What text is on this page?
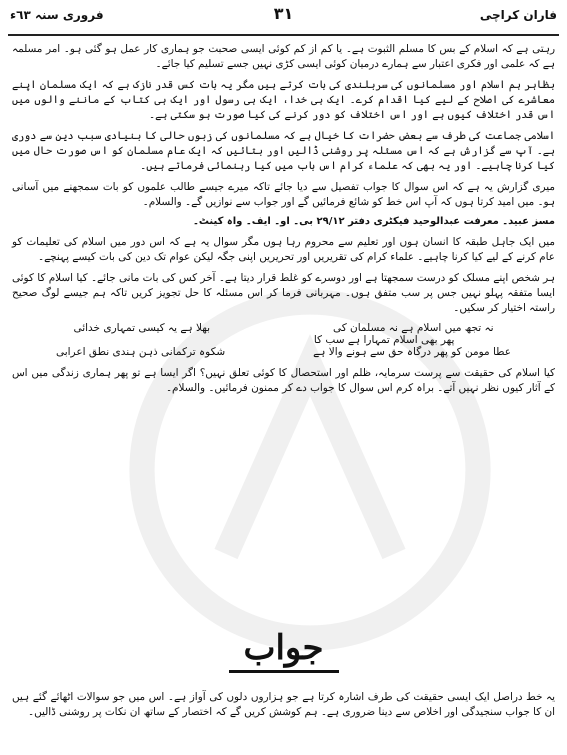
فروری سنہ ٦٣ء	۳۱	فاران کراچی

رہتی ہے کہ اسلام کے بس کا مسلم الثبوت ہے۔ یا کم از کم کوئی ایسی صحبت جو ہماری کار عمل ہو گئی ہو۔ امر مسلمہ ہے کہ علمی اور فکری اعتبار سے ہمارے درمیان کوئی ایسی کڑی نہیں جسے تسلیم کیا جائے۔

بظاہر ہم اسلام اور مسلمانوں کی سربلندی کی بات کرتے ہیں مگر یہ بات کس قدر نازک ہے کہ ایک مسلمان اپنے معاشرے کی اصلاح کے لیے کیا اقدام کرے۔ ایک ہی خدا، ایک ہی رسول اور ایک ہی کتاب کے ماننے والوں میں اس قدر اختلاف کیوں ہے اور اس اختلاف کو دور کرنے کی کیا صورت ہو سکتی ہے۔

اسلامی جماعت کی طرف سے بعض حضرات کا خیال ہے کہ مسلمانوں کی زبوں حالی کا بنیادی سبب دین سے دوری ہے۔ آپ سے گزارش ہے کہ اس مسئلہ پر روشنی ڈالیں اور بتائیں کہ ایک عام مسلمان کو اس صورت حال میں کیا کرنا چاہیے۔ اور یہ بھی کہ علماء کرام اس باب میں کیا رہنمائی فرماتے ہیں۔

میری گزارش یہ ہے کہ اس سوال کا جواب تفصیل سے دیا جائے تاکہ میرے جیسے طالب علموں کو بات سمجھنے میں آسانی ہو۔ میں امید کرتا ہوں کہ آپ اس خط کو شائع فرمائیں گے اور جواب سے نوازیں گے۔ والسلام۔

مسز عبید۔ معرفت عبدالوحید فیکٹری دفتر ۲۹/۱۲ بی۔ او۔ ایف۔ واہ کینٹ۔

میں ایک جاہل طبقہ کا انسان ہوں اور تعلیم سے محروم رہا ہوں مگر سوال یہ ہے کہ اس دور میں اسلام کی تعلیمات کو عام کرنے کے لیے کیا کرنا چاہیے۔ علماء کرام کی تقریریں اور تحریریں اپنی جگہ لیکن عوام تک دین کی بات کیسے پہنچے۔

ہر شخص اپنے مسلک کو درست سمجھتا ہے اور دوسرے کو غلط قرار دیتا ہے۔ آخر کس کی بات مانی جائے۔ کیا اسلام کا کوئی ایسا متفقہ پہلو نہیں جس پر سب متفق ہوں۔ مہربانی فرما کر اس مسئلہ کا حل تجویز کریں تاکہ ہم جیسے لوگ صحیح راستہ اختیار کر سکیں۔

نہ تجھ میں اسلام ہے نہ مسلمان کی
بھلا ہے یہ کیسی تمہاری خدائی
پھر بھی اسلام تمہارا ہے سب کا
عطا مومن کو پھر درگاہ حق سے ہونے والا ہے
شکوہ ترکمانی ذہن ہندی نطق اعرابی

کیا اسلام کی حقیقت سے پرست سرمایہ، ظلم اور استحصال کا کوئی تعلق نہیں؟ اگر ایسا ہے تو پھر ہماری زندگی میں اس کے آثار کیوں نظر نہیں آتے۔ براہ کرم اس سوال کا جواب دے کر ممنون فرمائیں۔ والسلام۔

جواب

یہ خط دراصل ایک ایسی حقیقت کی طرف اشارہ کرتا ہے جو ہزاروں دلوں کی آواز ہے۔ اس میں جو سوالات اٹھائے گئے ہیں ان کا جواب سنجیدگی اور اخلاص سے دینا ضروری ہے۔ ہم کوشش کریں گے کہ اختصار کے ساتھ ان نکات پر روشنی ڈالیں۔
